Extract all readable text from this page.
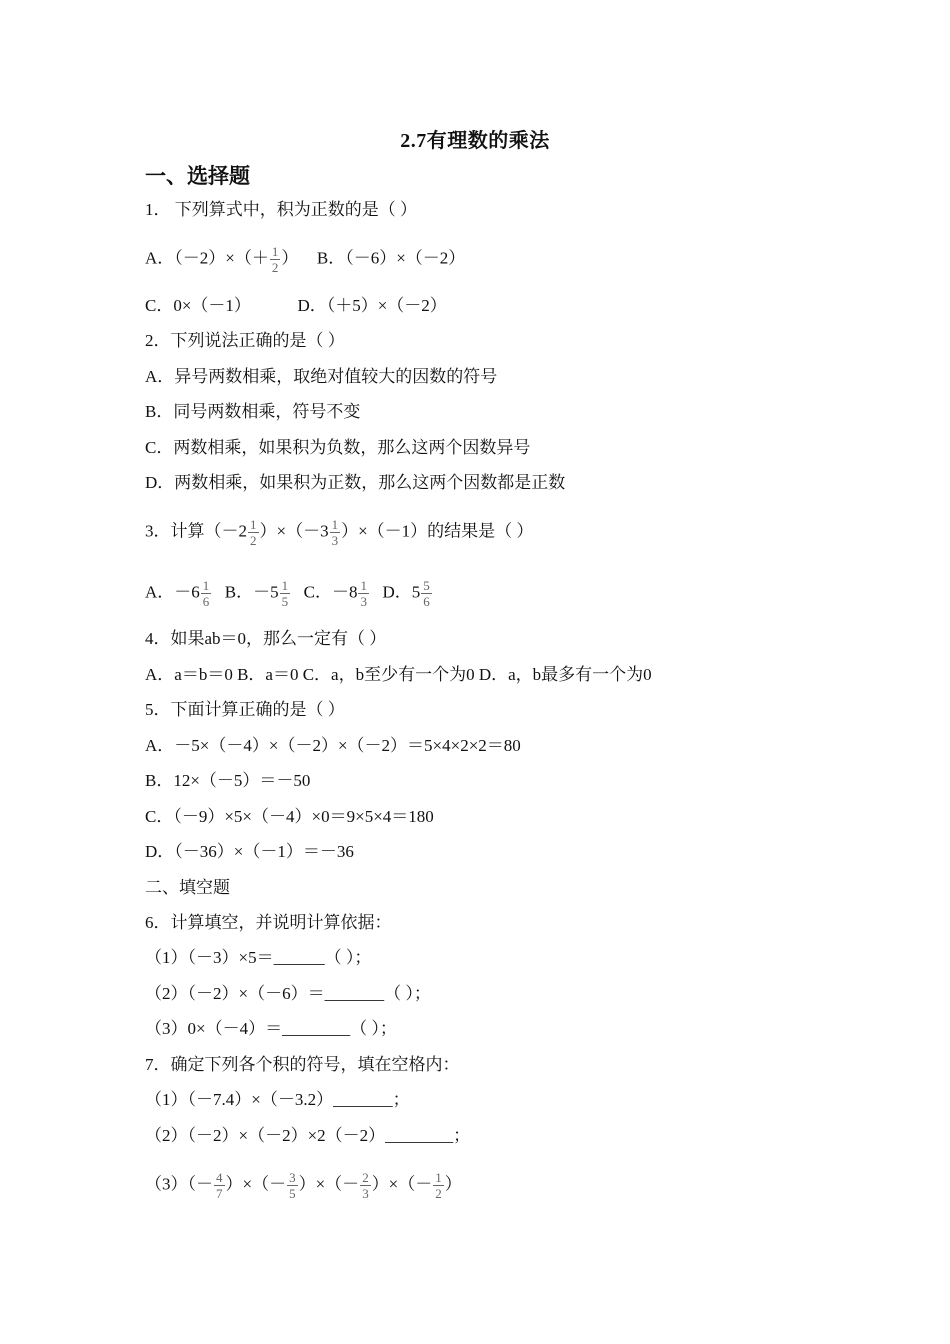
2.7有理数的乘法
一、选择题
1． 下列算式中，积为正数的是（ ）
A．$(-2)\times(+ \frac{1}{2}$ ） B．（－6）×（－2）
C．0×（－1）	D．（＋5）×（－2）
2．下列说法正确的是（ ）
A．异号两数相乘，取绝对值较大的因数的符号
B．同号两数相乘，符号不变
C．两数相乘，如果积为负数，那么这两个因数异号
D．两数相乘，如果积为正数，那么这两个因数都是正数
3．计算$(-2 \frac{1}{2} )\times(-3 \frac{1}{3} )\times(-1)$的结果是（ ）
A．$-6 \frac{1}{6}$ B．$-5 \frac{1}{5}$ C．$-8 \frac{1}{3}$ D．$5 \frac{5}{6}$
4．如果ab＝0，那么一定有（ ）
A．a＝b＝0 B．a＝0 C．a，b至少有一个为0 D．a，b最多有一个为0
5．下面计算正确的是（ ）
A．－5×（－4）×（－2）×（－2）＝5×4×2×2＝80
B．12×（－5）＝－50
C．（－9）×5×（－4）×0＝9×5×4＝180
D．（－36）×（－1）＝－36
二、填空题
6．计算填空，并说明计算依据：
（1）（－3）×5＝______（ ）；
（2）（－2）×（－6）＝_______（ ）；
（3）0×（－4）＝________（ ）；
7．确定下列各个积的符号，填在空格内：
（1）（－7.4）×（－3.2）_______；
（2）（－2）×（－2）×2（－2）________；
$(3)(- \frac{4}{7}$ ）×（－ $\frac{3}{5}$ ）×（－ $\frac{2}{3}$ ）×（－ $\frac{1}{2}$ ）
